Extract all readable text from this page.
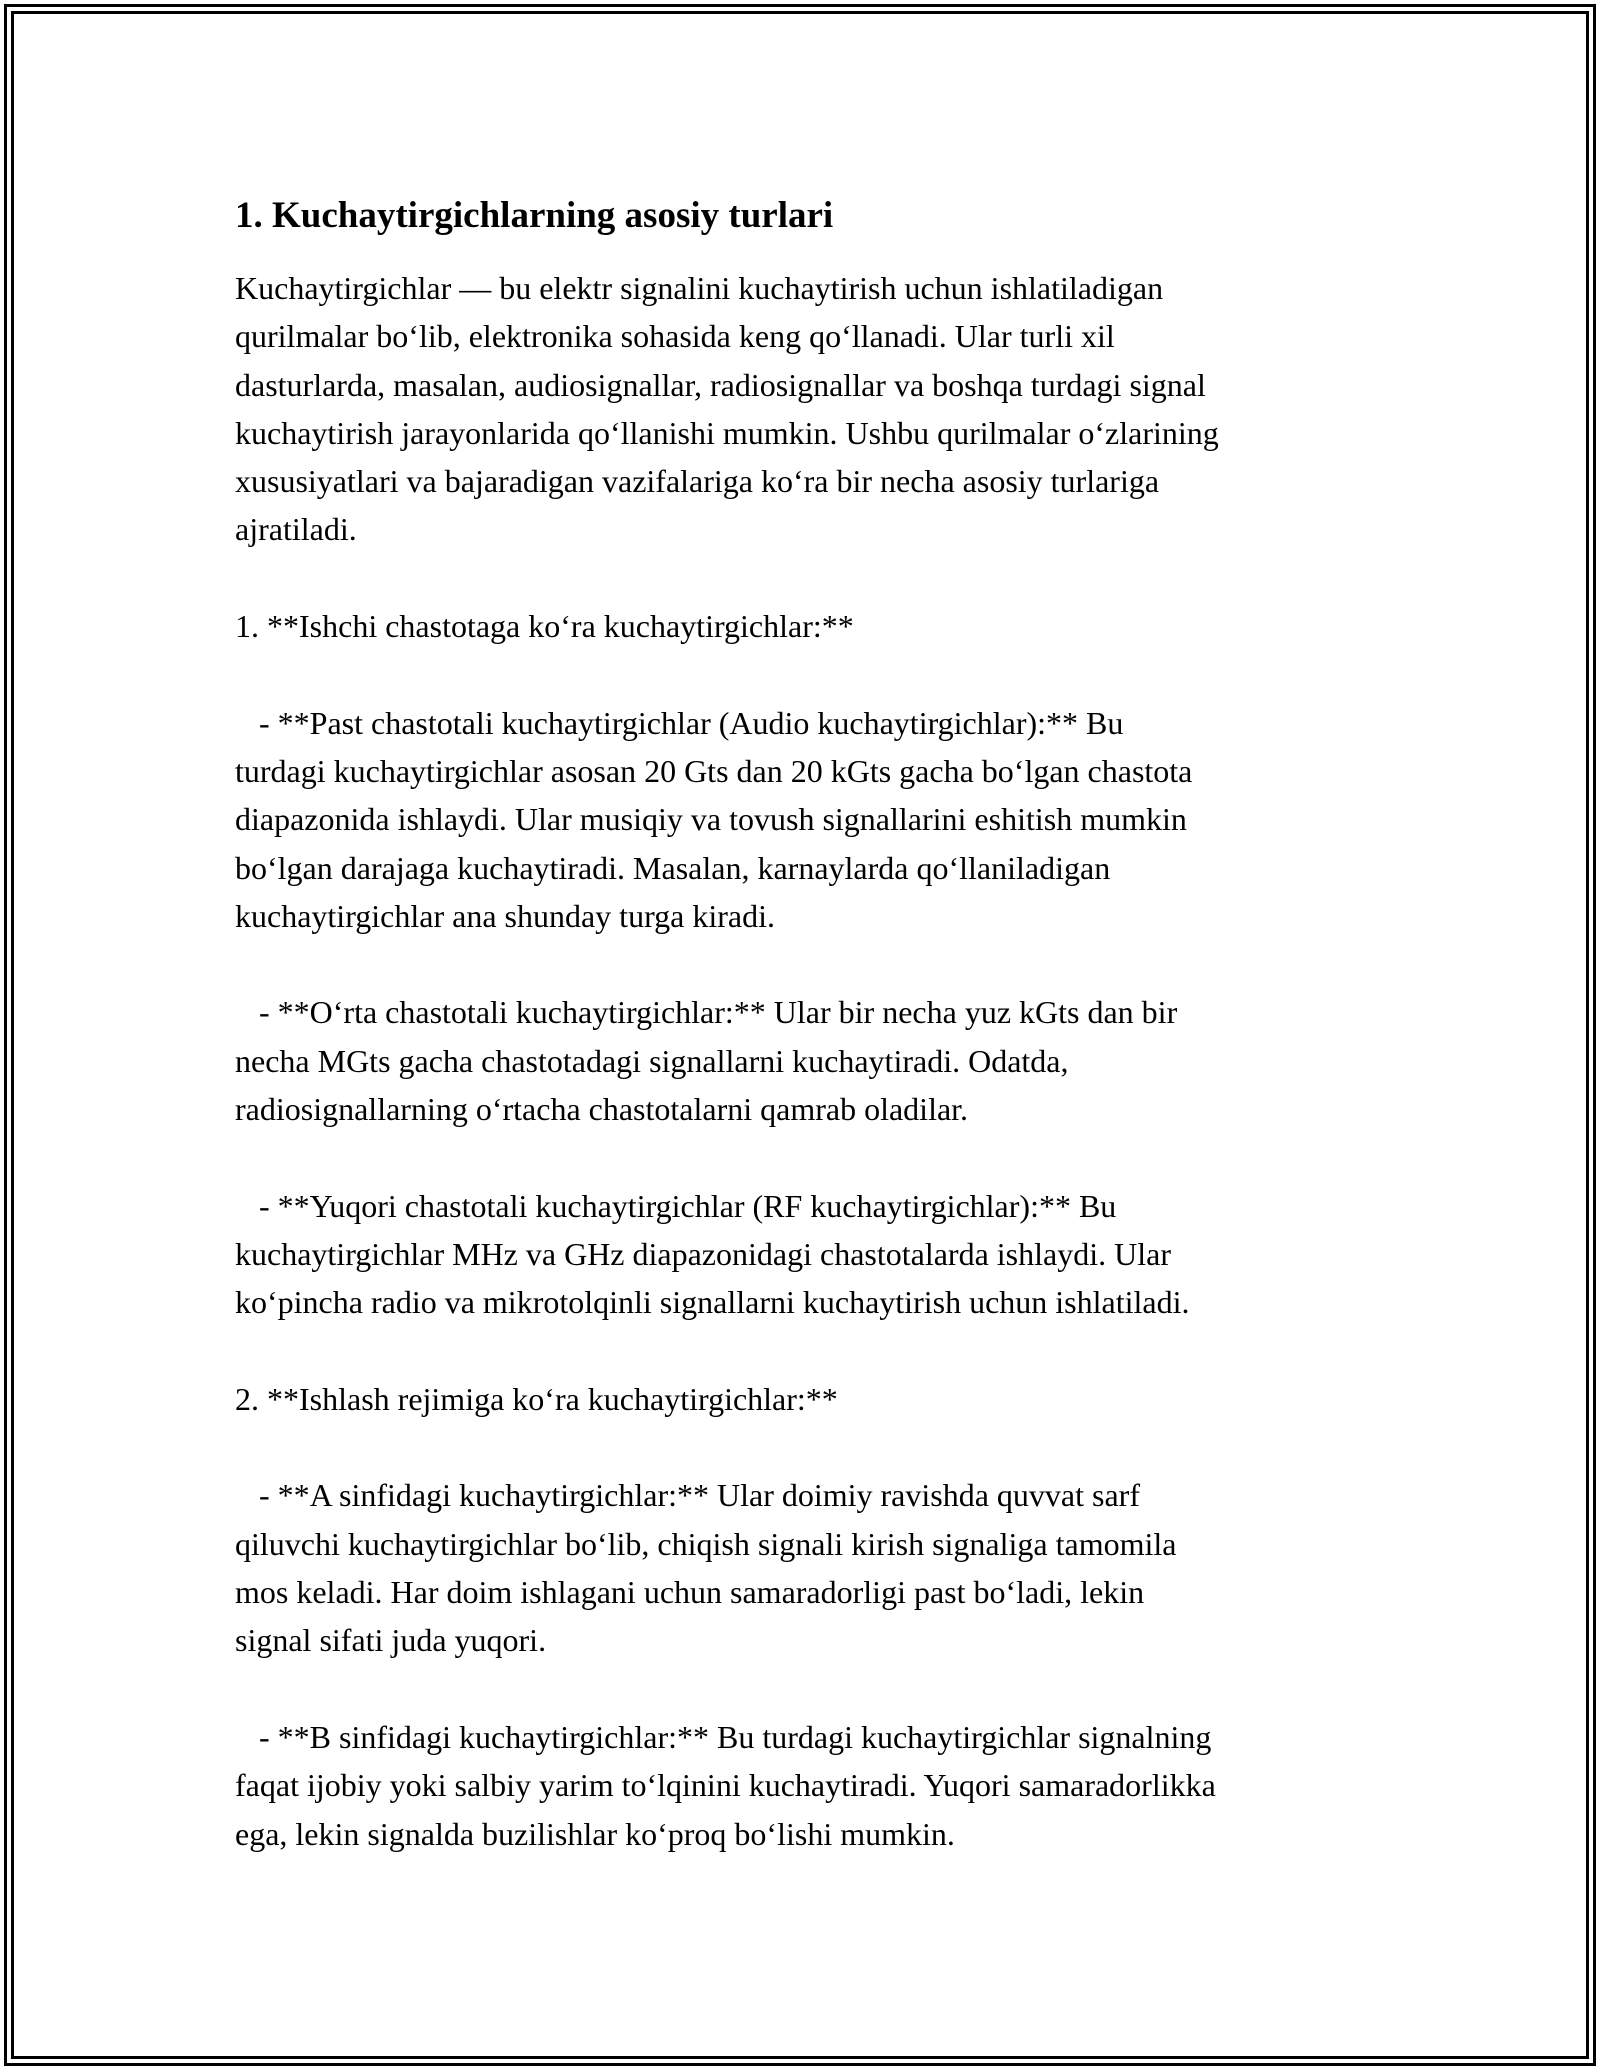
1. Kuchaytirgichlarning asosiy turlari

Kuchaytirgichlar — bu elektr signalini kuchaytirish uchun ishlatiladigan
qurilmalar bo‘lib, elektronika sohasida keng qo‘llanadi. Ular turli xil
dasturlarda, masalan, audiosignallar, radiosignallar va boshqa turdagi signal
kuchaytirish jarayonlarida qo‘llanishi mumkin. Ushbu qurilmalar o‘zlarining
xususiyatlari va bajaradigan vazifalariga ko‘ra bir necha asosiy turlariga
ajratiladi.

1. **Ishchi chastotaga ko‘ra kuchaytirgichlar:**

- **Past chastotali kuchaytirgichlar (Audio kuchaytirgichlar):** Bu
turdagi kuchaytirgichlar asosan 20 Gts dan 20 kGts gacha bo‘lgan chastota
diapazonida ishlaydi. Ular musiqiy va tovush signallarini eshitish mumkin
bo‘lgan darajaga kuchaytiradi. Masalan, karnaylarda qo‘llaniladigan
kuchaytirgichlar ana shunday turga kiradi.

- **O‘rta chastotali kuchaytirgichlar:** Ular bir necha yuz kGts dan bir
necha MGts gacha chastotadagi signallarni kuchaytiradi. Odatda,
radiosignallarning o‘rtacha chastotalarni qamrab oladilar.

- **Yuqori chastotali kuchaytirgichlar (RF kuchaytirgichlar):** Bu
kuchaytirgichlar MHz va GHz diapazonidagi chastotalarda ishlaydi. Ular
ko‘pincha radio va mikrotolqinli signallarni kuchaytirish uchun ishlatiladi.

2. **Ishlash rejimiga ko‘ra kuchaytirgichlar:**

- **A sinfidagi kuchaytirgichlar:** Ular doimiy ravishda quvvat sarf
qiluvchi kuchaytirgichlar bo‘lib, chiqish signali kirish signaliga tamomila
mos keladi. Har doim ishlagani uchun samaradorligi past bo‘ladi, lekin
signal sifati juda yuqori.

- **B sinfidagi kuchaytirgichlar:** Bu turdagi kuchaytirgichlar signalning
faqat ijobiy yoki salbiy yarim to‘lqinini kuchaytiradi. Yuqori samaradorlikka
ega, lekin signalda buzilishlar ko‘proq bo‘lishi mumkin.
